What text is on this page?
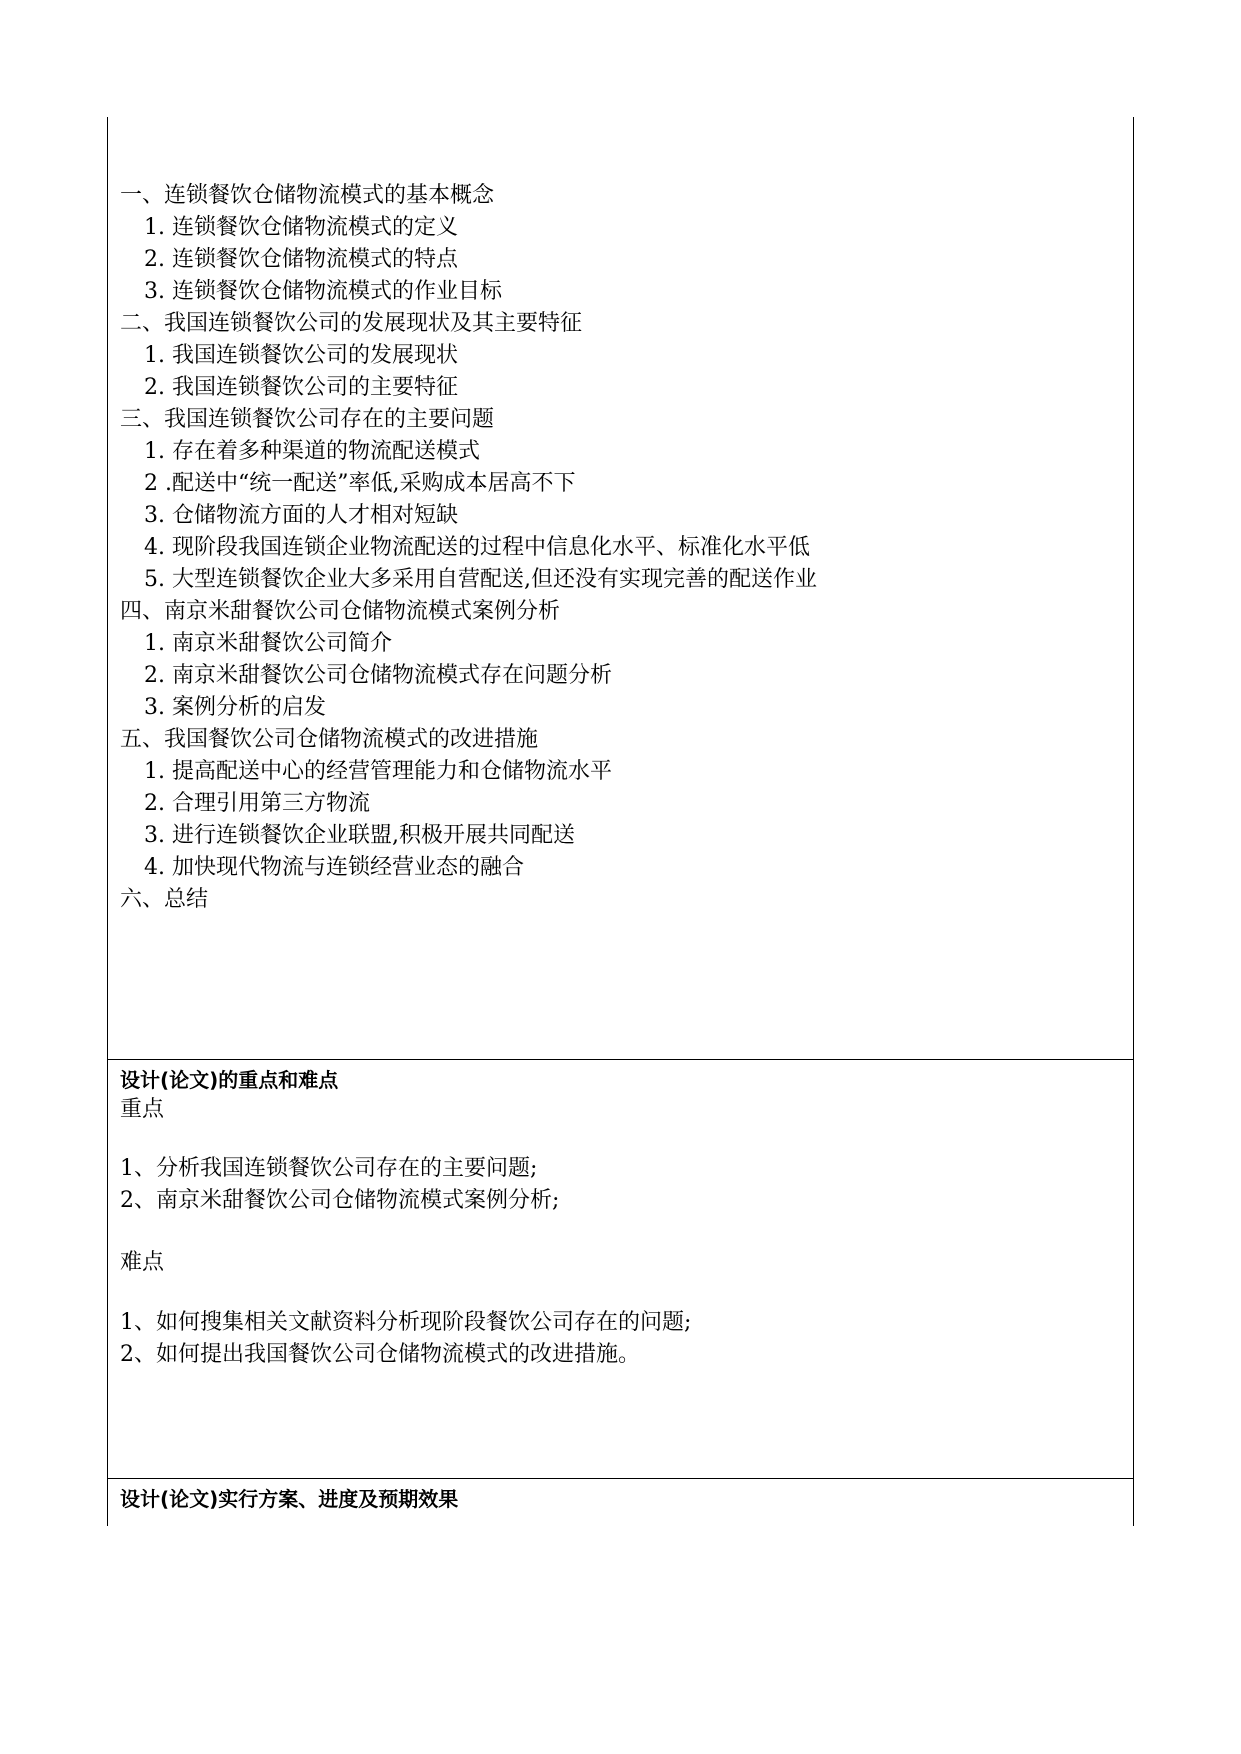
一、连锁餐饮仓储物流模式的基本概念
1. 连锁餐饮仓储物流模式的定义
2. 连锁餐饮仓储物流模式的特点
3. 连锁餐饮仓储物流模式的作业目标
二、我国连锁餐饮公司的发展现状及其主要特征
1. 我国连锁餐饮公司的发展现状
2. 我国连锁餐饮公司的主要特征
三、我国连锁餐饮公司存在的主要问题
1. 存在着多种渠道的物流配送模式
2 .配送中“统一配送”率低,采购成本居高不下
3. 仓储物流方面的人才相对短缺
4. 现阶段我国连锁企业物流配送的过程中信息化水平、标准化水平低
5. 大型连锁餐饮企业大多采用自营配送,但还没有实现完善的配送作业
四、南京米甜餐饮公司仓储物流模式案例分析
1. 南京米甜餐饮公司简介
2. 南京米甜餐饮公司仓储物流模式存在问题分析
3. 案例分析的启发
五、我国餐饮公司仓储物流模式的改进措施
1. 提高配送中心的经营管理能力和仓储物流水平
2. 合理引用第三方物流
3. 进行连锁餐饮企业联盟,积极开展共同配送
4. 加快现代物流与连锁经营业态的融合
六、总结
设计(论文)的重点和难点
重点
1、分析我国连锁餐饮公司存在的主要问题;
2、南京米甜餐饮公司仓储物流模式案例分析;
难点
1、如何搜集相关文献资料分析现阶段餐饮公司存在的问题;
2、如何提出我国餐饮公司仓储物流模式的改进措施。
设计(论文)实行方案、进度及预期效果
